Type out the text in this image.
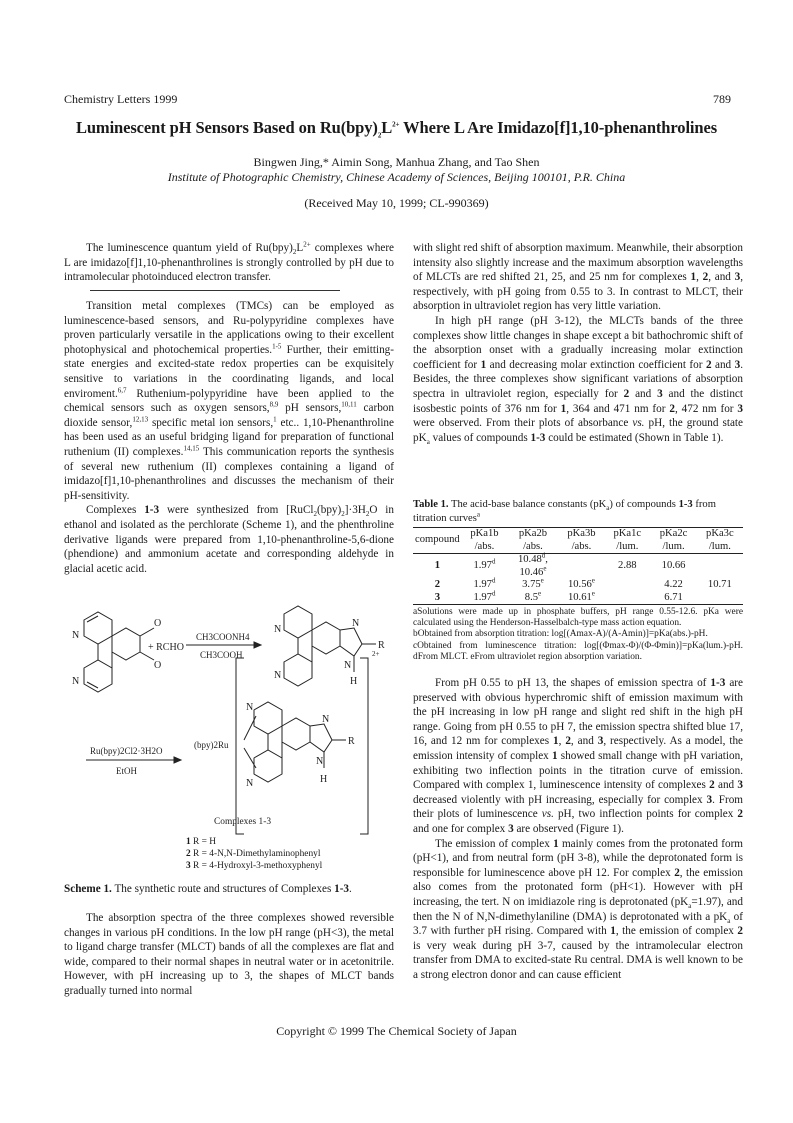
Chemistry Letters 1999	789
Luminescent pH Sensors Based on $Ru(bpy)_2L^{2+}$ Where L Are Imidazo[f]1,10-phenanthrolines
Bingwen Jing,* Aimin Song, Manhua Zhang, and Tao Shen
Institute of Photographic Chemistry, Chinese Academy of Sciences, Beijing 100101, P.R. China
(Received May 10, 1999; CL-990369)

The luminescence quantum yield of $Ru(bpy)_2L^{2+}$ complexes where L are imidazo[f]1,10-phenanthrolines is strongly controlled by pH due to intramolecular photoinduced electron transfer.

Transition metal complexes (TMCs) can be employed as luminescence-based sensors, and Ru-polypyridine complexes have proven particularly versatile in the applications owing to their excellent photophysical and photochemical properties.$^{1-5}$ Further, their emitting-state energies and excited-state redox properties can be exquisitely sensitive to variations in the coordinating ligands, and local enviroment.$^{6,7}$ Ruthenium-polypyridine have been applied to the chemical sensors such as oxygen sensors,$^{8,9}$ pH sensors,$^{10,11}$ carbon dioxide sensor,$^{12,13}$ specific metal ion sensors,$^1$ etc.. 1,10-Phenanthroline has been used as an useful bridging ligand for preparation of functional ruthenium (II) complexes.$^{14,15}$ This communication reports the synthesis of several new ruthenium (II) complexes containing a ligand of imidazo[f]1,10-phenanthrolines and discusses the mechanism of their pH-sensitivity.

Complexes 1-3 were synthesized from $[RuCl_2(bpy)_2]\cdot 3H_2O$ in ethanol and isolated as the perchlorate (Scheme 1), and the phenthroline derivative ligands were prepared from 1,10-phenanthroline-5,6-dione (phendione) and ammonium acetate and corresponding aldehyde in glacial acetic acid.

N
N
O
O
+ RCHO
CH3COONH4
CH3COOH
N
N
N
N
H
R
Ru(bpy)2Cl2·3H2O
EtOH
2+
(bpy)2Ru
N
N
N
N
H
R
Complexes 1-3
1 R = H
2 R = 4-N,N-Dimethylaminophenyl
3 R = 4-Hydroxyl-3-methoxyphenyl
Scheme 1. The synthetic route and structures of Complexes 1-3.

The absorption spectra of the three complexes showed reversible changes in various pH conditions. In the low pH range (pH<3), the metal to ligand charge transfer (MLCT) bands of all the complexes are flat and wide, compared to their normal shapes in neutral water or in acetonitrile. However, with pH increasing up to 3, the shapes of MLCT bands gradually turned into normal

with slight red shift of absorption maximum. Meanwhile, their absorption intensity also slightly increase and the maximum absorption wavelengths of MLCTs are red shifted 21, 25, and 25 nm for complexes 1, 2, and 3, respectively, with pH going from 0.55 to 3. In contrast to MLCT, their absorption in ultraviolet region has very little variation.

In high pH range (pH 3-12), the MLCTs bands of the three complexes show little changes in shape except a bit bathochromic shift of the absorption onset with a gradually increasing molar extinction coefficient for 1 and decreasing molar extinction coefficient for 2 and 3. Besides, the three complexes show significant variations of absorption spectra in ultraviolet region, especially for 2 and 3 and the distinct isosbestic points of 376 nm for 1, 364 and 471 nm for 2, 472 nm for 3 were observed. From their plots of absorbance vs. pH, the ground state $pK_a$ values of compounds 1-3 could be estimated (Shown in Table 1).

Table 1. The acid-base balance constants $(pK_a)$ of compounds 1-3 from titration curves$^a$
compound	pKa1b /abs.	pKa2b /abs.	pKa3b /abs.	pKa1c /lum.	pKa2c /lum.	pKa3c /lum.

1	1.97$^d$	10.48$^d$, 10.46e		2.88	10.66	
2	1.97$^d$	3.75e	10.56e		4.22	10.71
3	1.97$^d$	8.5e	10.61e		6.71	

aSolutions were made up in phosphate buffers, pH range 0.55-12.6. pKa were calculated using the Henderson-Hasselbalch-type mass action equation.

bObtained from absorption titration: log[(Amax-A)/(A-Amin)]=pKa(abs.)-pH.

cObtained from luminescence titration: log[(Φmax-Φ)/(Φ-Φmin)]=pKa(lum.)-pH. dFrom MLCT. eFrom ultraviolet region absorption variation.

From pH 0.55 to pH 13, the shapes of emission spectra of 1-3 are preserved with obvious hyperchromic shift of emission maximum with the pH increasing in low pH range and slight red shift in the high pH range. Going from pH 0.55 to pH 7, the emission spectra shifted blue 17, 16, and 12 nm for complexes 1, 2, and 3, respectively. As a model, the emission intensity of complex 1 showed small change with pH variation, exhibiting two inflection points in the titration curve of emission. Compared with complex 1, luminescence intensity of complexes 2 and 3 decreased violently with pH increasing, especially for complex 3. From their plots of luminescence vs. pH, two inflection points for complex 2 and one for complex 3 are observed (Figure 1).

The emission of complex 1 mainly comes from the protonated form (pH<1), and from neutral form (pH 3-8), while the deprotonated form is responsible for luminescence above pH 12. For complex 2, the emission also comes from the protonated form (pH<1). However with pH increasing, the tert. N on imidiazole ring is deprotonated $(pK_a=1.97)$, and then the N of N,N-dimethylaniline (DMA) is deprotonated with a $pK_a$ of 3.7 with further pH rising. Compared with 1, the emission of complex 2 is very weak during pH 3-7, caused by the intramolecular electron transfer from DMA to excited-state Ru central. DMA is well known to be a strong electron donor and can cause efficient

Copyright © 1999 The Chemical Society of Japan
